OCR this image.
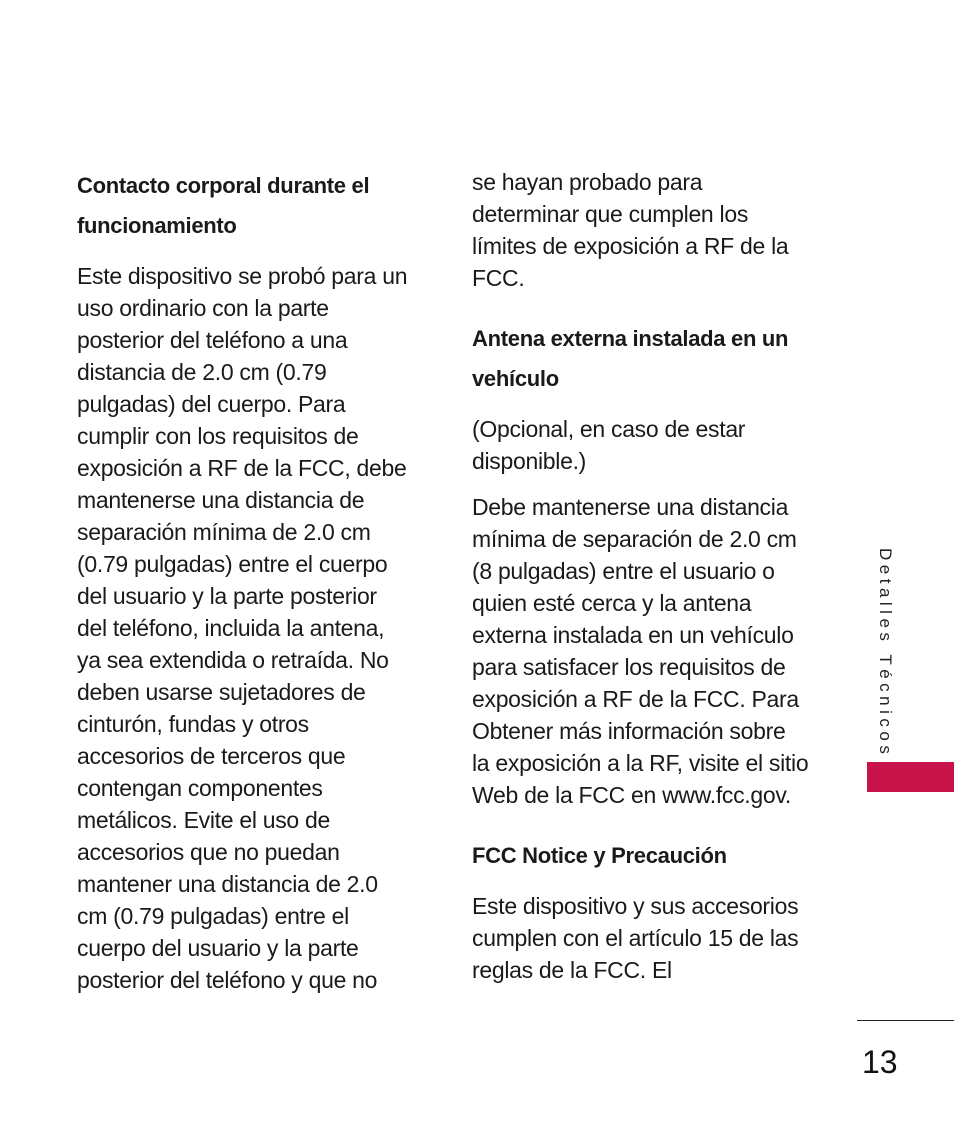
Contacto corporal durante el
funcionamiento

Este dispositivo se probó para un
uso ordinario con la parte
posterior del teléfono a una
distancia de 2.0 cm (0.79
pulgadas) del cuerpo. Para
cumplir con los requisitos de
exposición a RF de la FCC, debe
mantenerse una distancia de
separación mínima de 2.0 cm
(0.79 pulgadas) entre el cuerpo
del usuario y la parte posterior
del teléfono, incluida la antena,
ya sea extendida o retraída. No
deben usarse sujetadores de
cinturón, fundas y otros
accesorios de terceros que
contengan componentes
metálicos. Evite el uso de
accesorios que no puedan
mantener una distancia de 2.0
cm (0.79 pulgadas) entre el
cuerpo del usuario y la parte
posterior del teléfono y que no

se hayan probado para
determinar que cumplen los
límites de exposición a RF de la
FCC.

Antena externa instalada en un
vehículo

(Opcional, en caso de estar
disponible.)

Debe mantenerse una distancia
mínima de separación de 2.0 cm
(8 pulgadas) entre el usuario o
quien esté cerca y la antena
externa instalada en un vehículo
para satisfacer los requisitos de
exposición a RF de la FCC. Para
Obtener más información sobre
la exposición a la RF, visite el sitio
Web de la FCC en www.fcc.gov.

FCC Notice y Precaución

Este dispositivo y sus accesorios
cumplen con el artículo 15 de las
reglas de la FCC. El

Detalles Técnicos
13
